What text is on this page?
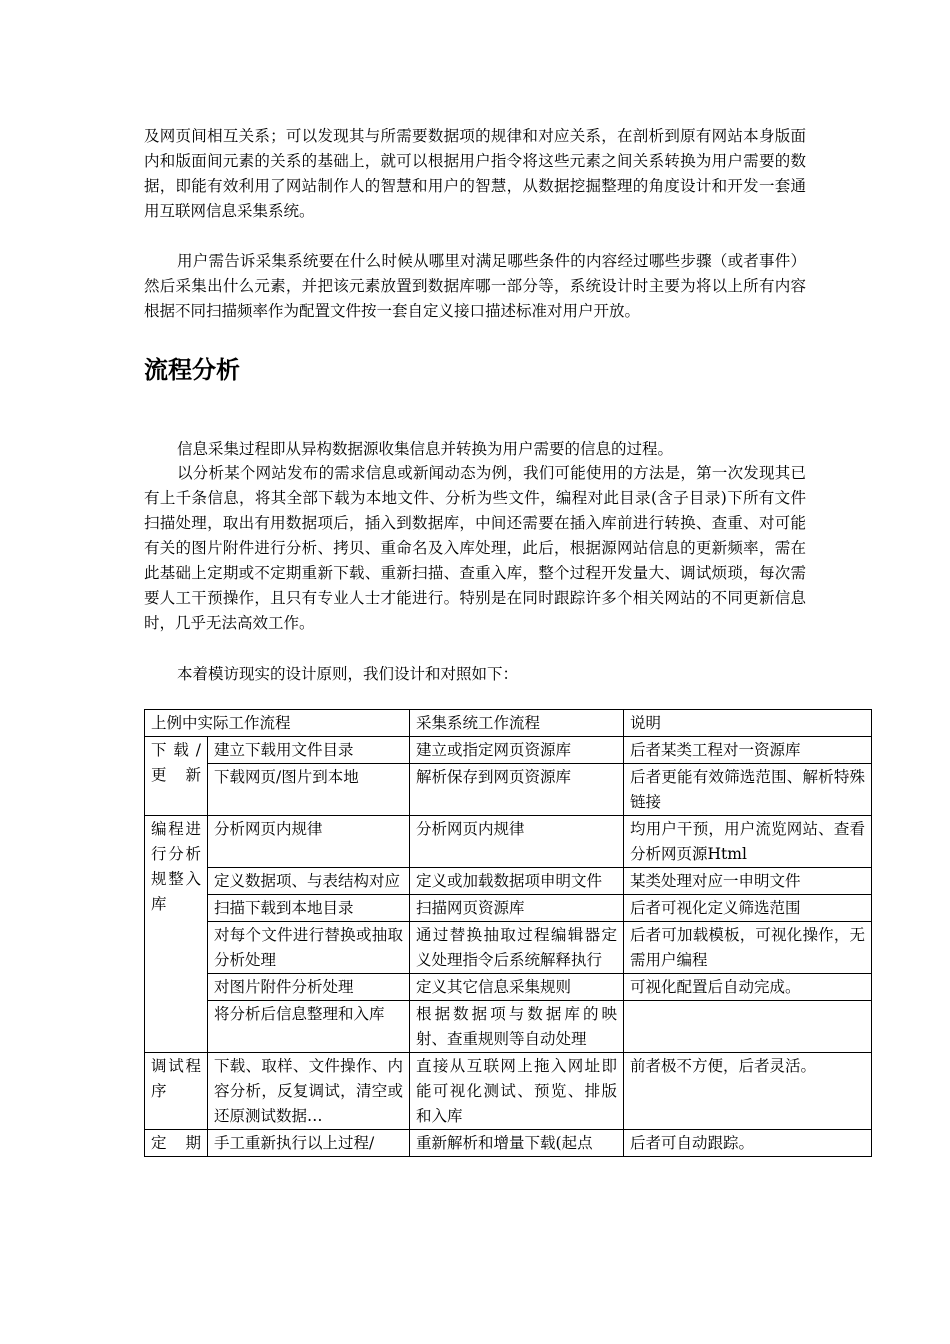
及网页间相互关系；可以发现其与所需要数据项的规律和对应关系，在剖析到原有网站本身版面内和版面间元素的关系的基础上，就可以根据用户指令将这些元素之间关系转换为用户需要的数据，即能有效利用了网站制作人的智慧和用户的智慧，从数据挖掘整理的角度设计和开发一套通用互联网信息采集系统。

用户需告诉采集系统要在什么时候从哪里对满足哪些条件的内容经过哪些步骤（或者事件）然后采集出什么元素，并把该元素放置到数据库哪一部分等，系统设计时主要为将以上所有内容根据不同扫描频率作为配置文件按一套自定义接口描述标准对用户开放。

流程分析

信息采集过程即从异构数据源收集信息并转换为用户需要的信息的过程。

以分析某个网站发布的需求信息或新闻动态为例，我们可能使用的方法是，第一次发现其已有上千条信息，将其全部下载为本地文件、分析为些文件，编程对此目录(含子目录)下所有文件扫描处理，取出有用数据项后，插入到数据库，中间还需要在插入库前进行转换、查重、对可能有关的图片附件进行分析、拷贝、重命名及入库处理，此后，根据源网站信息的更新频率，需在此基础上定期或不定期重新下载、重新扫描、查重入库，整个过程开发量大、调试烦琐，每次需要人工干预操作，且只有专业人士才能进行。特别是在同时跟踪许多个相关网站的不同更新信息时，几乎无法高效工作。

本着模访现实的设计原则，我们设计和对照如下：

上例中实际工作流程		采集系统工作流程	说明
下载/更新	建立下载用文件目录	建立或指定网页资源库	后者某类工程对一资源库
	下载网页/图片到本地	解析保存到网页资源库	后者更能有效筛选范围、解析特殊链接
编程进行分析规整入库	分析网页内规律	分析网页内规律	均用户干预，用户流览网站、查看分析网页源Html
	定义数据项、与表结构对应	定义或加载数据项申明文件	某类处理对应一申明文件
	扫描下载到本地目录	扫描网页资源库	后者可视化定义筛选范围
	对每个文件进行替换或抽取分析处理	通过替换抽取过程编辑器定义处理指令后系统解释执行	后者可加载模板，可视化操作，无需用户编程
	对图片附件分析处理	定义其它信息采集规则	可视化配置后自动完成。
	将分析后信息整理和入库	根据数据项与数据库的映射、查重规则等自动处理	
调试程序	下载、取样、文件操作、内容分析，反复调试，清空或还原测试数据…	直接从互联网上拖入网址即能可视化测试、预览、排版和入库	前者极不方便，后者灵活。
定期	手工重新执行以上过程/	重新解析和增量下载(起点	后者可自动跟踪。
